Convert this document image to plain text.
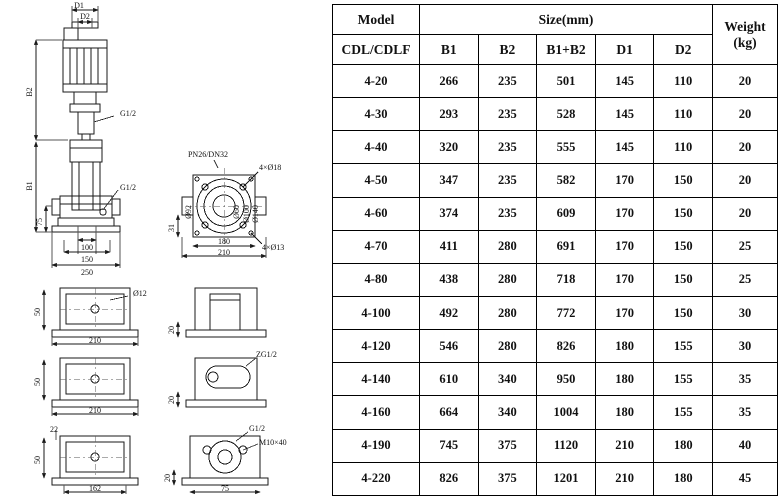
D1
D2
B2
B1
75
G1/2
G1/2
100
150
250
PN26/DN32
4×Ø18
4×Ø13
Ø92	Ø60 Ø100 Ø140
31
180
210
50
210
Ø12
20
50
210
ZG1/2
20
22
50
162
G1/2
M10×40
20
75
Model	Size(mm)					Weight
(kg)

CDL/CDLF	B1	B2	B1+B2	D1	D2	
4-20	266	235	501	145	110	20
4-30	293	235	528	145	110	20
4-40	320	235	555	145	110	20
4-50	347	235	582	170	150	20
4-60	374	235	609	170	150	20
4-70	411	280	691	170	150	25
4-80	438	280	718	170	150	25
4-100	492	280	772	170	150	30
4-120	546	280	826	180	155	30
4-140	610	340	950	180	155	35
4-160	664	340	1004	180	155	35
4-190	745	375	1120	210	180	40
4-220	826	375	1201	210	180	45
